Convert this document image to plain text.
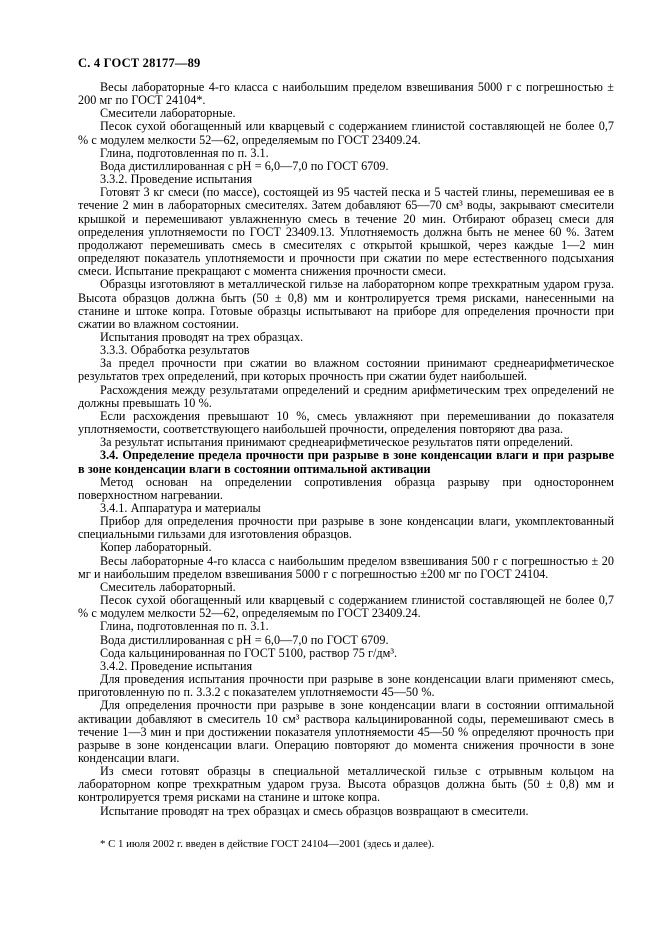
С. 4 ГОСТ 28177—89

Весы лабораторные 4-го класса с наибольшим пределом взвешивания 5000 г с погрешностью ± 200 мг по ГОСТ 24104*.

Смесители лабораторные.

Песок сухой обогащенный или кварцевый с содержанием глинистой составляющей не более 0,7 % с модулем мелкости 52—62, определяемым по ГОСТ 23409.24.

Глина, подготовленная по п. 3.1.

Вода дистиллированная с рН = 6,0—7,0 по ГОСТ 6709.

3.3.2. Проведение испытания

Готовят 3 кг смеси (по массе), состоящей из 95 частей песка и 5 частей глины, перемешивая ее в течение 2 мин в лабораторных смесителях. Затем добавляют 65—70 см³ воды, закрывают смесители крышкой и перемешивают увлажненную смесь в течение 20 мин. Отбирают образец смеси для определения уплотняемости по ГОСТ 23409.13. Уплотняемость должна быть не менее 60 %. Затем продолжают перемешивать смесь в смесителях с открытой крышкой, через каждые 1—2 мин определяют показатель уплотняемости и прочности при сжатии по мере естественного подсыхания смеси. Испытание прекращают с момента снижения прочности смеси.

Образцы изготовляют в металлической гильзе на лабораторном копре трехкратным ударом груза. Высота образцов должна быть (50 ± 0,8) мм и контролируется тремя рисками, нанесенными на станине и штоке копра. Готовые образцы испытывают на приборе для определения прочности при сжатии во влажном состоянии.

Испытания проводят на трех образцах.

3.3.3. Обработка результатов

За предел прочности при сжатии во влажном состоянии принимают среднеарифметическое результатов трех определений, при которых прочность при сжатии будет наибольшей.

Расхождения между результатами определений и средним арифметическим трех определений не должны превышать 10 %.

Если расхождения превышают 10 %, смесь увлажняют при перемешивании до показателя уплотняемости, соответствующего наибольшей прочности, определения повторяют два раза.

За результат испытания принимают среднеарифметическое результатов пяти определений.

3.4. Определение предела прочности при разрыве в зоне конденсации влаги и при разрыве в зоне конденсации влаги в состоянии оптимальной активации

Метод основан на определении сопротивления образца разрыву при одностороннем поверхностном нагревании.

3.4.1. Аппаратура и материалы

Прибор для определения прочности при разрыве в зоне конденсации влаги, укомплектованный специальными гильзами для изготовления образцов.

Копер лабораторный.

Весы лабораторные 4-го класса с наибольшим пределом взвешивания 500 г с погрешностью ± 20 мг и наибольшим пределом взвешивания 5000 г с погрешностью ±200 мг по ГОСТ 24104.

Смеситель лабораторный.

Песок сухой обогащенный или кварцевый с содержанием глинистой составляющей не более 0,7 % с модулем мелкости 52—62, определяемым по ГОСТ 23409.24.

Глина, подготовленная по п. 3.1.

Вода дистиллированная с рН = 6,0—7,0 по ГОСТ 6709.

Сода кальцинированная по ГОСТ 5100, раствор 75 г/дм³.

3.4.2. Проведение испытания

Для проведения испытания прочности при разрыве в зоне конденсации влаги применяют смесь, приготовленную по п. 3.3.2 с показателем уплотняемости 45—50 %.

Для определения прочности при разрыве в зоне конденсации влаги в состоянии оптимальной активации добавляют в смеситель 10 см³ раствора кальцинированной соды, перемешивают смесь в течение 1—3 мин и при достижении показателя уплотняемости 45—50 % определяют прочность при разрыве в зоне конденсации влаги. Операцию повторяют до момента снижения прочности в зоне конденсации влаги.

Из смеси готовят образцы в специальной металлической гильзе с отрывным кольцом на лабораторном копре трехкратным ударом груза. Высота образцов должна быть (50 ± 0,8) мм и контролируется тремя рисками на станине и штоке копра.

Испытание проводят на трех образцах и смесь образцов возвращают в смесители.

* С 1 июля 2002 г. введен в действие ГОСТ 24104—2001 (здесь и далее).
